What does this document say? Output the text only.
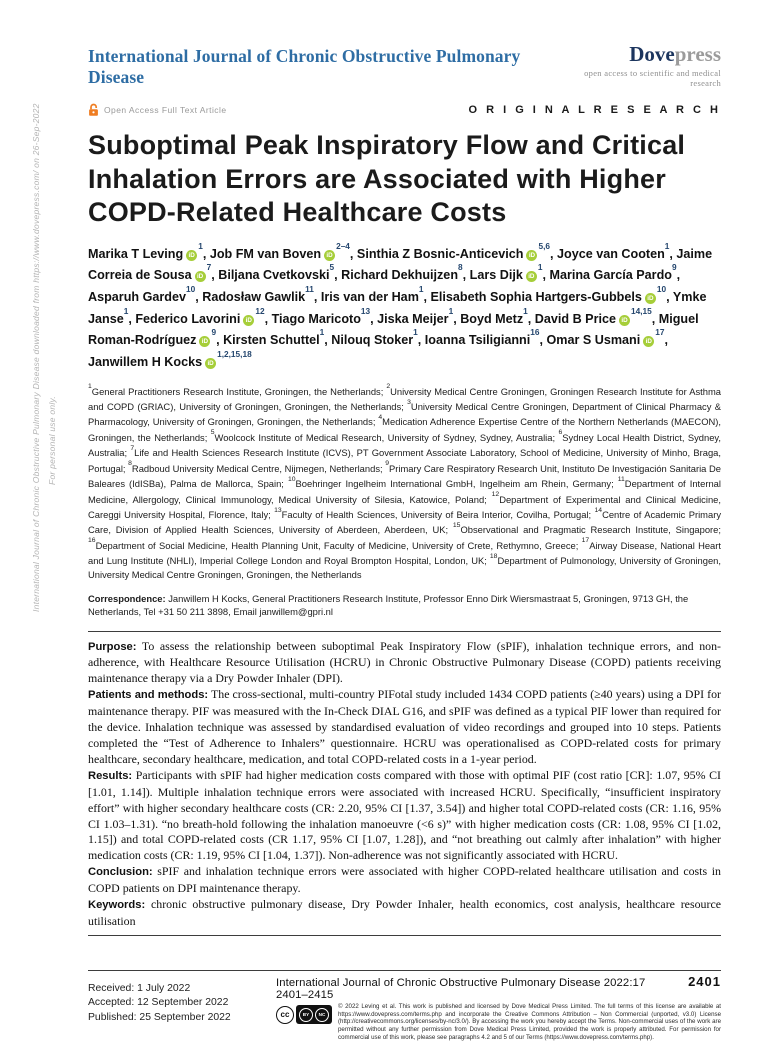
International Journal of Chronic Obstructive Pulmonary Disease downloaded from https://www.dovepress.com/ on 26-Sep-2022 For personal use only.
International Journal of Chronic Obstructive Pulmonary Disease
Dovepress
open access to scientific and medical research
Open Access Full Text Article	O R I G I N A L R E S E A R C H
Suboptimal Peak Inspiratory Flow and Critical Inhalation Errors are Associated with Higher COPD-Related Healthcare Costs

Marika T Leving $iD^1$, Job FM van Boven $iD^{2-4}$, Sinthia Z Bosnic-Anticevich iD$^{5,6}$, Joyce van Cooten$^1$, Jaime Correia de Sousa $iD^7$, Biljana Cvetkovski$^5$, Richard Dekhuijzen$^8$, Lars Dijk $iD^1$, Marina García Pardo$^9$, Asparuh Gardev$^{10}$, Radosław Gawlik$^{11}$, Iris van der Ham$^1$, Elisabeth Sophia Hartgers-Gubbels $iD^{10}$, Ymke Janse$^1$, Federico Lavorini $iD^{12}$, Tiago Maricoto$^{13}$, Jiska Meijer$^1$, Boyd Metz$^1$, David B Price iD$^{14,15}$, Miguel Roman-Rodríguez $iD^9$, Kirsten Schuttel$^1$, Nilouq Stoker$^1$, Ioanna Tsiligianni$^{16}$, Omar S Usmani $iD^{17}$, Janwillem H Kocks iD$^{1,2,15,18}$

$^1$General Practitioners Research Institute, Groningen, the Netherlands; $^2$University Medical Centre Groningen, Groningen Research Institute for Asthma and COPD (GRIAC), University of Groningen, Groningen, the Netherlands; $^3$University Medical Centre Groningen, Department of Clinical Pharmacy & Pharmacology, University of Groningen, Groningen, the Netherlands; $^4$Medication Adherence Expertise Centre of the Northern Netherlands (MAECON), Groningen, the Netherlands; $^5$Woolcock Institute of Medical Research, University of Sydney, Sydney, Australia; $^6$Sydney Local Health District, Sydney, Australia; $^7$Life and Health Sciences Research Institute (ICVS), PT Government Associate Laboratory, School of Medicine, University of Minho, Braga, Portugal; $^8$Radboud University Medical Centre, Nijmegen, Netherlands; $^9$Primary Care Respiratory Research Unit, Instituto De Investigación Sanitaria De Baleares (IdISBa), Palma de Mallorca, Spain; $^{10}$Boehringer Ingelheim International GmbH, Ingelheim am Rhein, Germany; $^{11}$Department of Internal Medicine, Allergology, Clinical Immunology, Medical University of Silesia, Katowice, Poland; $^{12}$Department of Experimental and Clinical Medicine, Careggi University Hospital, Florence, Italy; $^{13}$Faculty of Health Sciences, University of Beira Interior, Covilha, Portugal; $^{14}$Centre of Academic Primary Care, Division of Applied Health Sciences, University of Aberdeen, Aberdeen, UK; $^{15}$Observational and Pragmatic Research Institute, Singapore; $^{16}$Department of Social Medicine, Health Planning Unit, Faculty of Medicine, University of Crete, Rethymno, Greece; $^{17}$Airway Disease, National Heart and Lung Institute (NHLI), Imperial College London and Royal Brompton Hospital, London, UK; $^{18}$Department of Pulmonology, University of Groningen, University Medical Centre Groningen, Groningen, the Netherlands

Correspondence: Janwillem H Kocks, General Practitioners Research Institute, Professor Enno Dirk Wiersmastraat 5, Groningen, 9713 GH, the Netherlands, Tel +31 50 211 3898, Email janwillem@gpri.nl

Purpose: To assess the relationship between suboptimal Peak Inspiratory Flow (sPIF), inhalation technique errors, and non-adherence, with Healthcare Resource Utilisation (HCRU) in Chronic Obstructive Pulmonary Disease (COPD) patients receiving maintenance therapy via a Dry Powder Inhaler (DPI).

Patients and methods: The cross-sectional, multi-country PIFotal study included 1434 COPD patients (≥40 years) using a DPI for maintenance therapy. PIF was measured with the In-Check DIAL G16, and sPIF was defined as a typical PIF lower than required for the device. Inhalation technique was assessed by standardised evaluation of video recordings and grouped into 10 steps. Patients completed the “Test of Adherence to Inhalers” questionnaire. HCRU was operationalised as COPD-related costs for primary healthcare, secondary healthcare, medication, and total COPD-related costs in a 1-year period.

Results: Participants with sPIF had higher medication costs compared with those with optimal PIF (cost ratio [CR]: 1.07, 95% CI [1.01, 1.14]). Multiple inhalation technique errors were associated with increased HCRU. Specifically, “insufficient inspiratory effort” with higher secondary healthcare costs (CR: 2.20, 95% CI [1.37, 3.54]) and higher total COPD-related costs (CR: 1.16, 95% CI 1.03–1.31). “no breath-hold following the inhalation manoeuvre (<6 s)” with higher medication costs (CR: 1.08, 95% CI [1.02, 1.15]) and total COPD-related costs (CR 1.17, 95% CI [1.07, 1.28]), and “not breathing out calmly after inhalation” with higher medication costs (CR: 1.19, 95% CI [1.04, 1.37]). Non-adherence was not significantly associated with HCRU.

Conclusion: sPIF and inhalation technique errors were associated with higher COPD-related healthcare utilisation and costs in COPD patients on DPI maintenance therapy.

Keywords: chronic obstructive pulmonary disease, Dry Powder Inhaler, health economics, cost analysis, healthcare resource utilisation

Received: 1 July 2022
Accepted: 12 September 2022
Published: 25 September 2022
International Journal of Chronic Obstructive Pulmonary Disease 2022:17 2401–2415
2401
cc	BY	NC
© 2022 Leving et al. This work is published and licensed by Dove Medical Press Limited. The full terms of this license are available at https://www.dovepress.com/terms.php and incorporate the Creative Commons Attribution – Non Commercial (unported, v3.0) License (http://creativecommons.org/licenses/by-nc/3.0/). By accessing the work you hereby accept the Terms. Non-commercial uses of the work are permitted without any further permission from Dove Medical Press Limited, provided the work is properly attributed. For permission for commercial use of this work, please see paragraphs 4.2 and 5 of our Terms (https://www.dovepress.com/terms.php).
